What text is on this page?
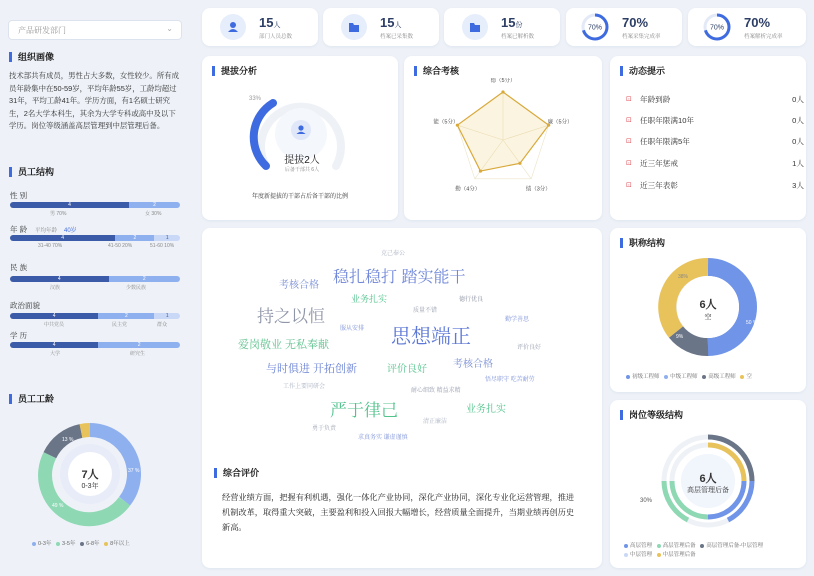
产品研发部门	⌄
组织画像
技术部共有成员，男性占大多数，女性较少。所有成员年龄集中在50-59岁，平均年龄55岁，工龄均超过31年，平均工龄41年。学历方面，有1名硕士研究生，2名大学本科生，其余为大学专科或高中及以下学历。岗位等级涵盖高层管理到中层管理后备。
员工结构
性 别
4	2
男 70%	女 30%
年 龄 平均年龄 40岁
4	2	1
31-40 70%	41-50 20%	51-60 10%
民 族
4	2
汉族	少数民族
政治面貌
4	2	1
中共党员	民主党	群众
学 历
4	2
大学	研究生
员工工龄
7人
0-3年
37 %
49 %
13 %
0-3年 3-5年 6-8年 8年以上
15人
部门人员总数
15人
档案已采集数
15份
档案已解析数
70% 70%
档案采集完成率
70% 70%
档案解析完成率
提拔分析
33%
提拔2人
后备干部共 6人
年度新提拔的干部占后备干部的比例
综合考核
德（5分）
廉（5分）
绩（3分）
勤（4分）
能（5分）
动态提示
⊡ 年龄到龄	0人
⊡ 任职年限满10年	0人
⊡ 任职年限满5年	0人
⊡ 近三年惩戒	1人
⊡ 近三年表彰	3人
克己奉公
考核合格 稳扎稳打 踏实能干
业务扎实	德行优良
持之以恒	质量不错
勤学善思
服从安排 思想端正
爱岗敬业 无私奉献	评价良好
与时俱进 开拓创新	评价良好	考核合格
工作上要同研会
悟尽职守 吃苦耐劳
耐心细致 精益求精
严于律己
清正廉洁
业务扎实
勇于负责
求真务实 谦虚谨慎
综合评价
经营业绩方面，把握有利机遇，强化一体化产业协同，深化产业协同，深化专业化运营管理，推进机制改革，取得重大突破，主要盈利和投入回报大幅增长，经营质量全面提升，当期业绩再创历史新高。
职称结构
6人
空
38%
50 %
9%
初级工程师 中级工程师 高级工程师 空
岗位等级结构
6人
高层管理后备
30%
高层管理 高层管理后备 高层管理后备-中层管理
中层管理 中层管理后备
